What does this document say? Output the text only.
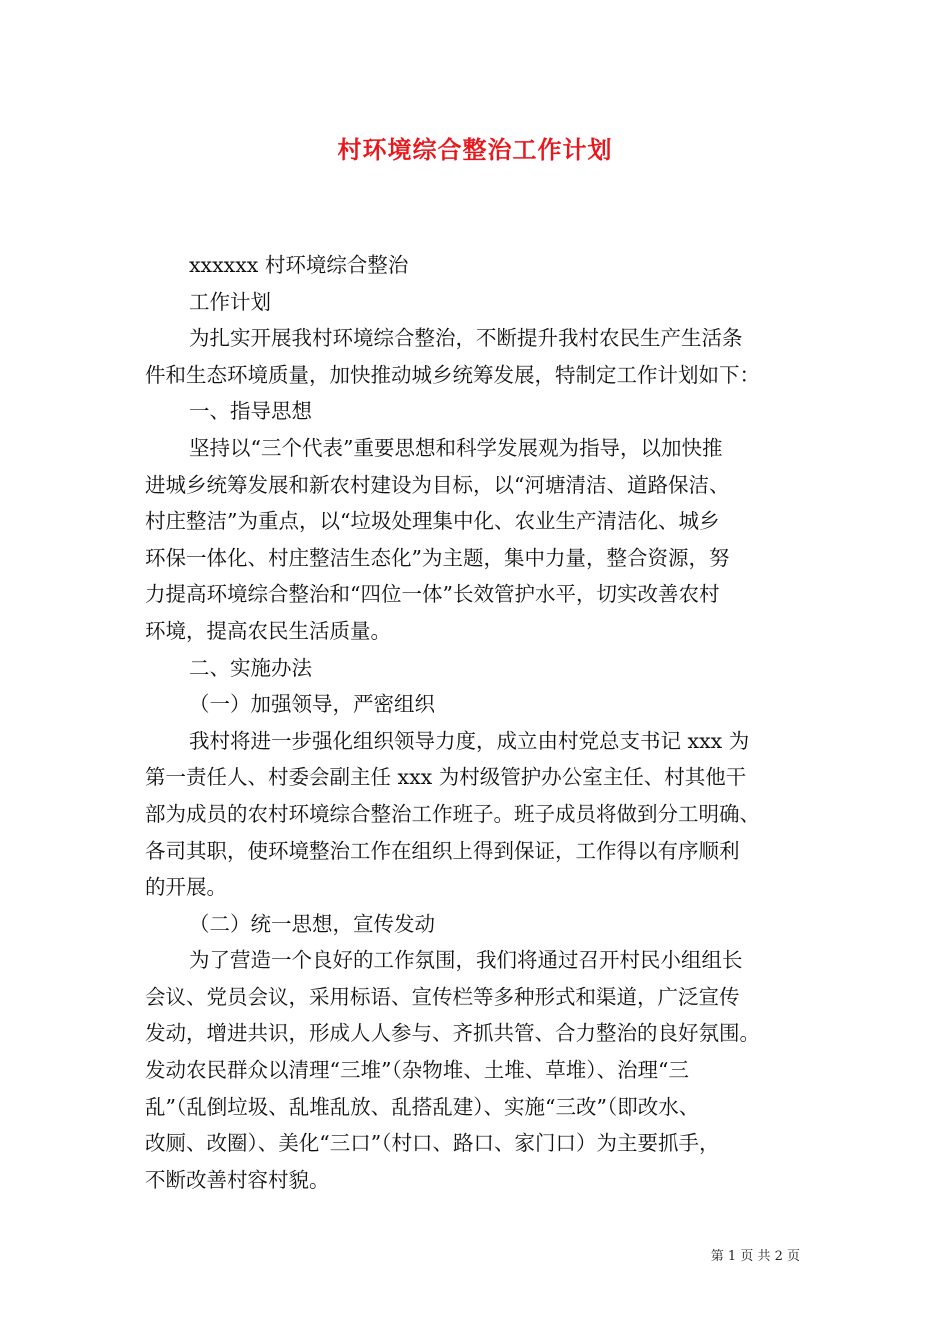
村环境综合整治工作计划
xxxxxx 村环境综合整治
工作计划
为扎实开展我村环境综合整治，不断提升我村农民生产生活条
件和生态环境质量，加快推动城乡统筹发展，特制定工作计划如下：
一、指导思想
坚持以“三个代表”重要思想和科学发展观为指导，以加快推
进城乡统筹发展和新农村建设为目标，以“河塘清洁、道路保洁、
村庄整洁”为重点，以“垃圾处理集中化、农业生产清洁化、城乡
环保一体化、村庄整洁生态化”为主题，集中力量，整合资源，努
力提高环境综合整治和“四位一体”长效管护水平，切实改善农村
环境，提高农民生活质量。
二、实施办法
（一）加强领导，严密组织
我村将进一步强化组织领导力度，成立由村党总支书记 xxx 为
第一责任人、村委会副主任 xxx 为村级管护办公室主任、村其他干
部为成员的农村环境综合整治工作班子。班子成员将做到分工明确、
各司其职，使环境整治工作在组织上得到保证，工作得以有序顺利
的开展。
（二）统一思想，宣传发动
为了营造一个良好的工作氛围，我们将通过召开村民小组组长
会议、党员会议，采用标语、宣传栏等多种形式和渠道，广泛宣传
发动，增进共识，形成人人参与、齐抓共管、合力整治的良好氛围。
发动农民群众以清理“三堆”（杂物堆、土堆、草堆）、治理“三
乱”（乱倒垃圾、乱堆乱放、乱搭乱建）、实施“三改”（即改水、
改厕、改圈）、美化“三口”（村口、路口、家门口）为主要抓手，
不断改善村容村貌。
第 1 页 共 2 页
